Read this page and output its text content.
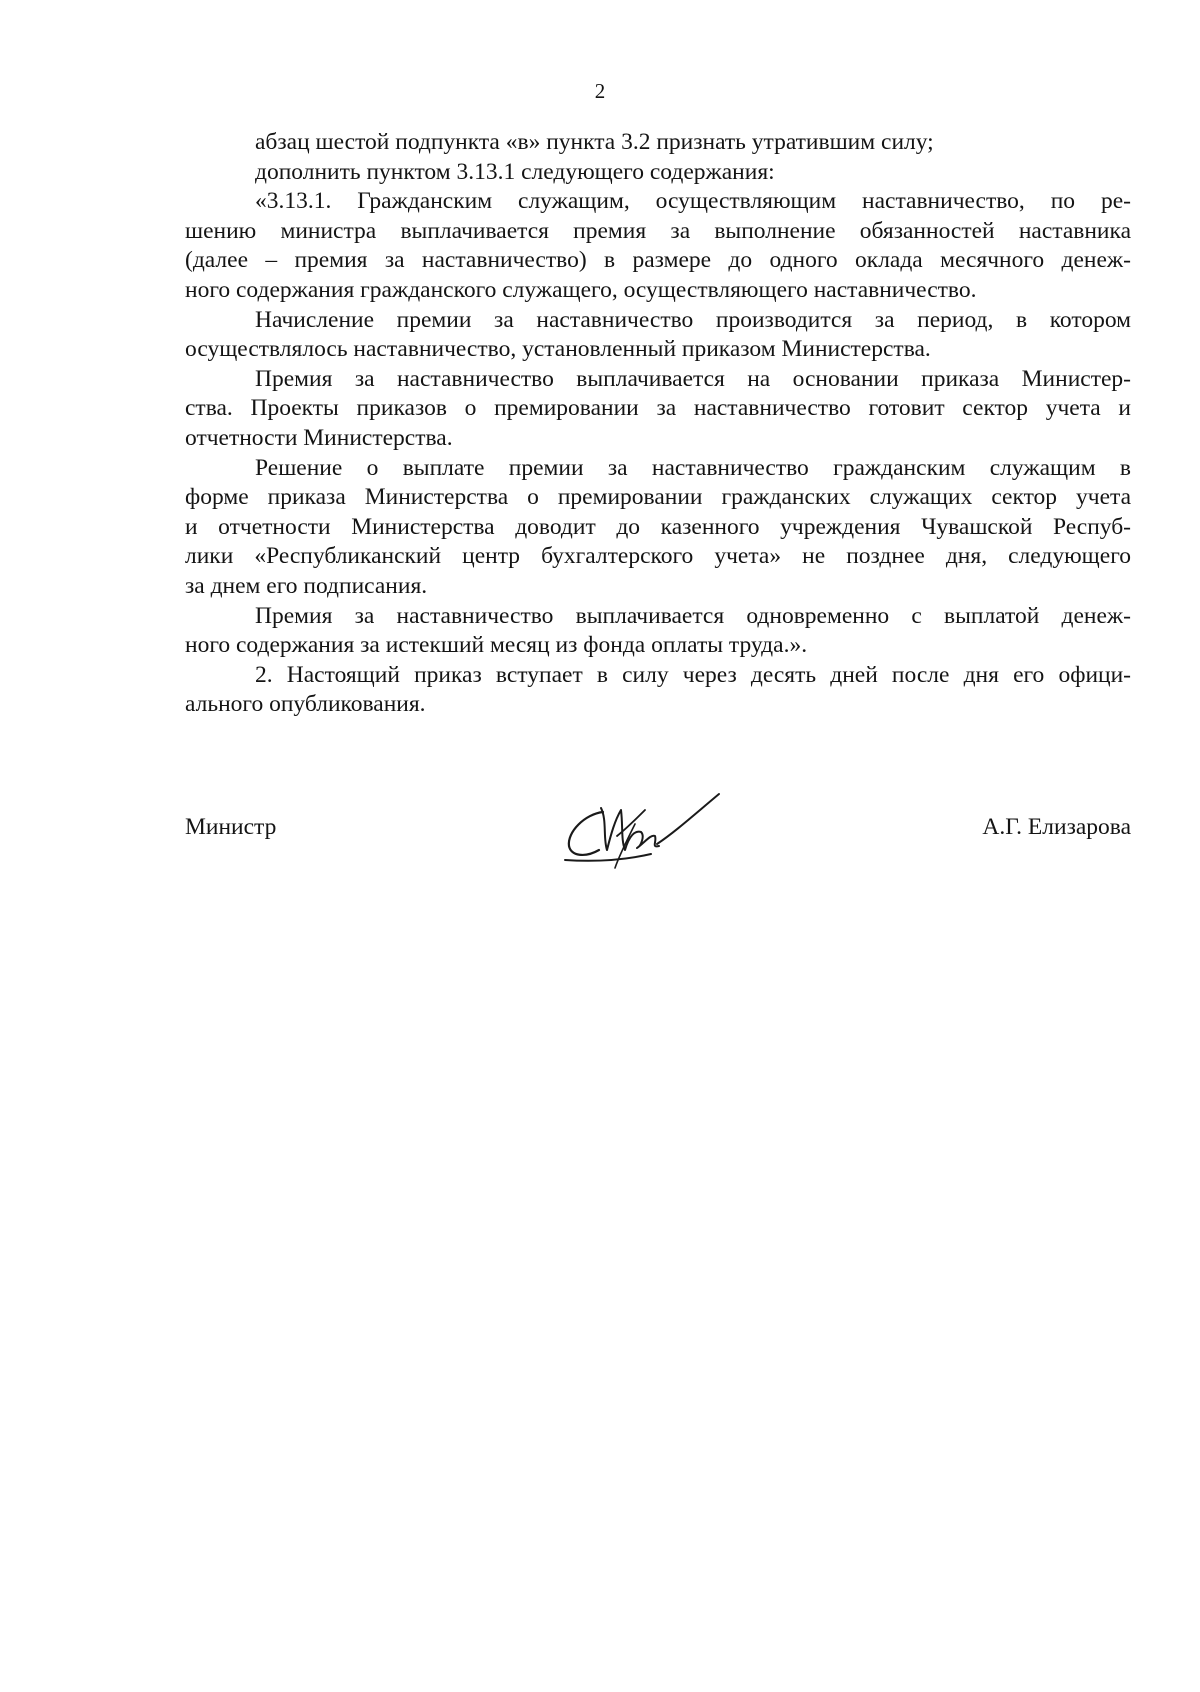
2
абзац шестой подпункта «в» пункта 3.2 признать утратившим силу;
дополнить пунктом 3.13.1 следующего содержания:
«3.13.1. Гражданским служащим, осуществляющим наставничество, по ре-
шению министра выплачивается премия за выполнение обязанностей наставника
(далее – премия за наставничество) в размере до одного оклада месячного денеж-
ного содержания гражданского служащего, осуществляющего наставничество.
Начисление премии за наставничество производится за период, в котором
осуществлялось наставничество, установленный приказом Министерства.
Премия за наставничество выплачивается на основании приказа Министер-
ства. Проекты приказов о премировании за наставничество готовит сектор учета и
отчетности Министерства.
Решение о выплате премии за наставничество гражданским служащим в
форме приказа Министерства о премировании гражданских служащих сектор учета
и отчетности Министерства доводит до казенного учреждения Чувашской Респуб-
лики «Республиканский центр бухгалтерского учета» не позднее дня, следующего
за днем его подписания.
Премия за наставничество выплачивается одновременно с выплатой денеж-
ного содержания за истекший месяц из фонда оплаты труда.».
2. Настоящий приказ вступает в силу через десять дней после дня его офици-
ального опубликования.
Министр	А.Г. Елизарова
